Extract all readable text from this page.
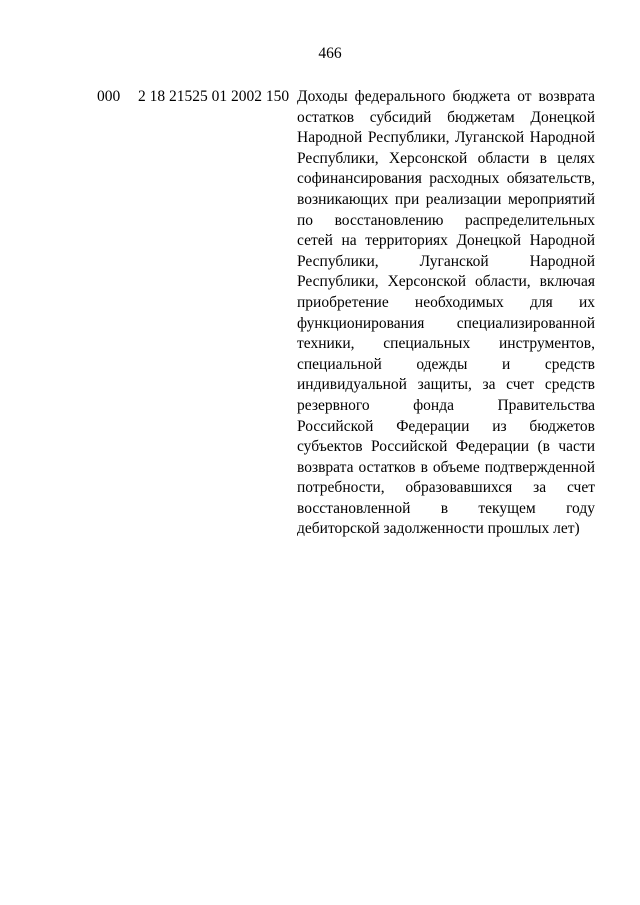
466
000 2 18 21525 01 2002 150 Доходы федерального бюджета от возврата остатков субсидий бюджетам Донецкой Народной Республики, Луганской Народной Республики, Херсонской области в целях софинансирования расходных обязательств, возникающих при реализации мероприятий по восстановлению распределительных сетей на территориях Донецкой Народной Республики, Луганской Народной Республики, Херсонской области, включая приобретение необходимых для их функционирования специализированной техники, специальных инструментов, специальной одежды и средств индивидуальной защиты, за счет средств резервного фонда Правительства Российской Федерации из бюджетов субъектов Российской Федерации (в части возврата остатков в объеме подтвержденной потребности, образовавшихся за счет восстановленной в текущем году дебиторской задолженности прошлых лет)
